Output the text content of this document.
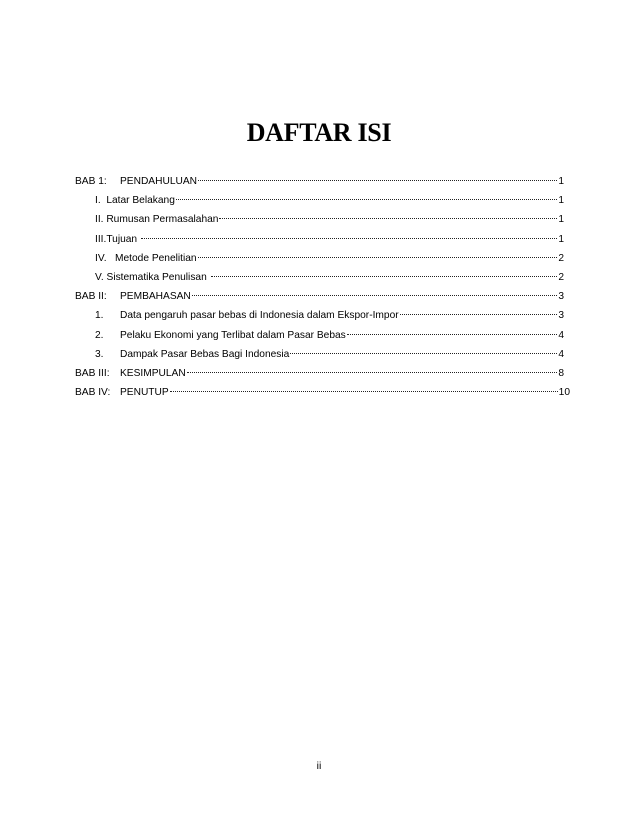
DAFTAR ISI
BAB 1:	PENDAHULUAN	1
I.  Latar Belakang	1
II. Rumusan Permasalahan	1
III.Tujuan	1
IV.   Metode Penelitian	2
V. Sistematika Penulisan	2
BAB II:	PEMBAHASAN	3
1.	Data pengaruh pasar bebas di Indonesia dalam Ekspor-Impor	3
2.	Pelaku Ekonomi yang Terlibat dalam Pasar Bebas	4
3.	Dampak Pasar Bebas Bagi Indonesia	4
BAB III:	KESIMPULAN	8
BAB IV: PENUTUP	10
ii
